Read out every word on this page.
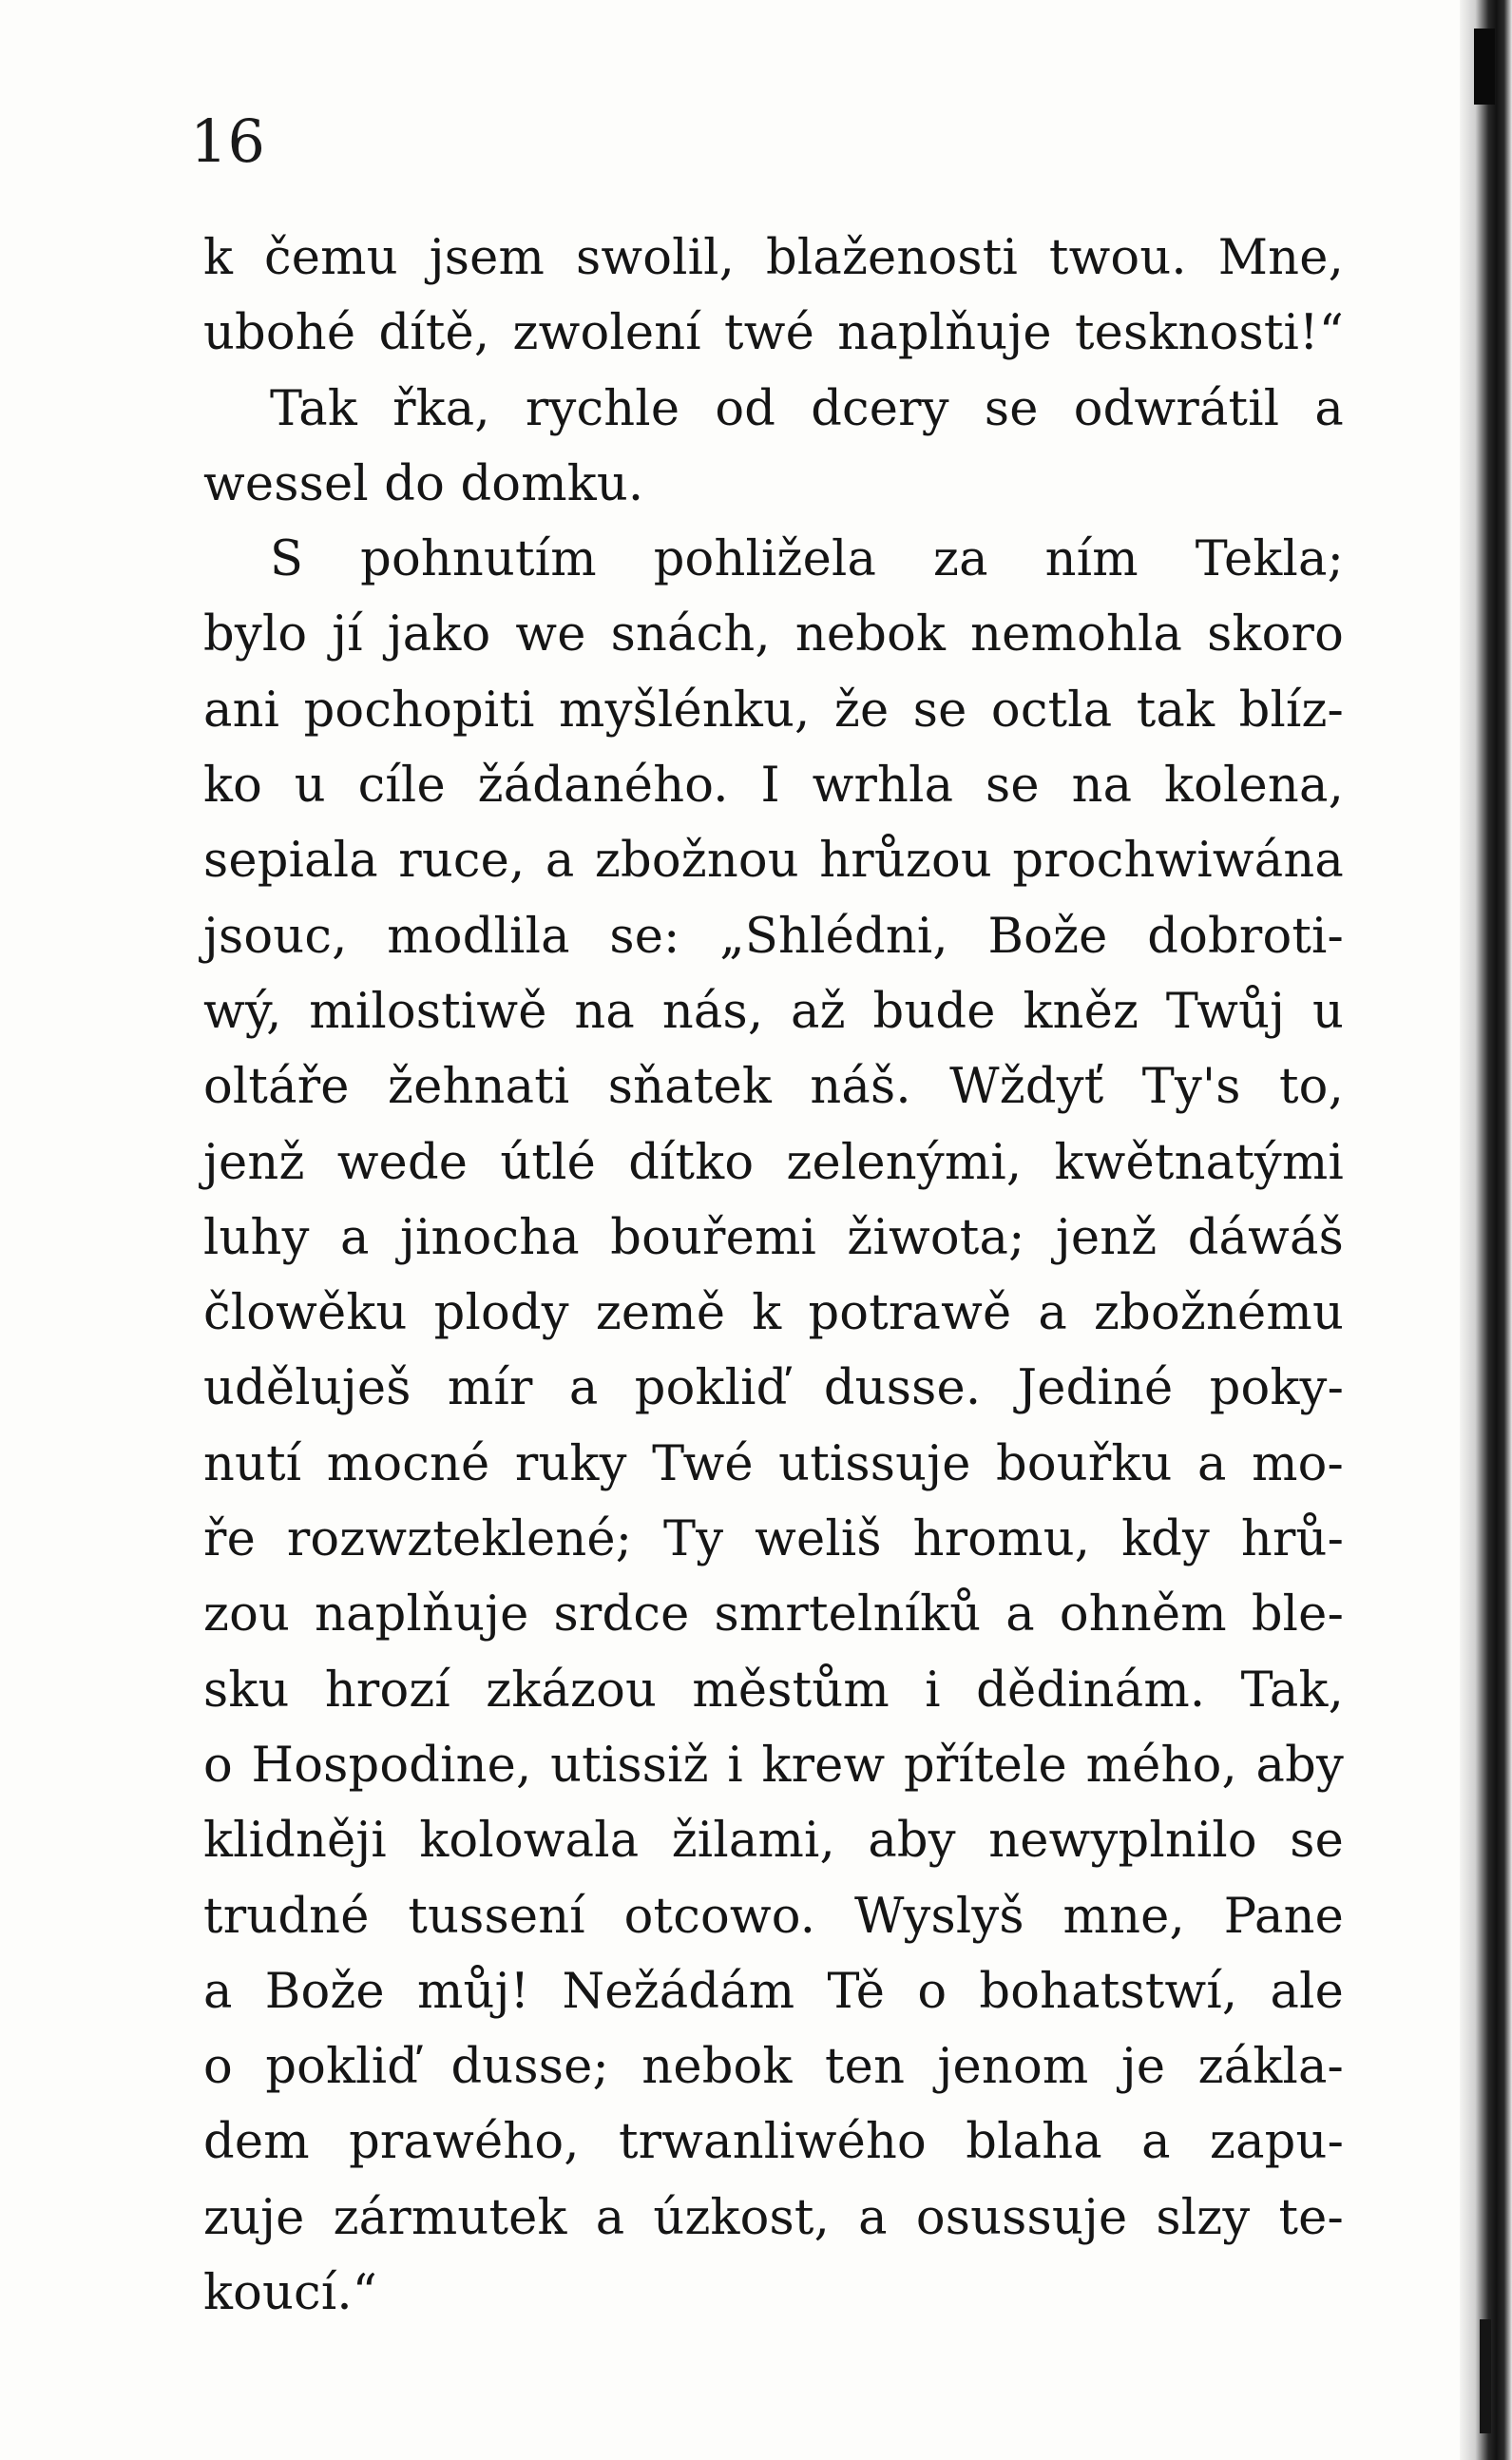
16
k čemu jsem swolil, blaženosti twou. Mne,
ubohé dítě, zwolení twé naplňuje tesknosti!“
Tak řka, rychle od dcery se odwrátil a
wessel do domku.
S pohnutím pohližela za ním Tekla;
bylo jí jako we snách, nebok nemohla skoro
ani pochopiti myšlénku, že se octla tak blíz-
ko u cíle žádaného. I wrhla se na kolena,
sepiala ruce, a zbožnou hrůzou prochwiwána
jsouc, modlila se: „Shlédni, Bože dobroti-
wý, milostiwě na nás, až bude kněz Twůj u
oltáře žehnati sňatek náš. Wždyť Ty's to,
jenž wede útlé dítko zelenými, kwětnatými
luhy a jinocha bouřemi žiwota; jenž dáwáš
člowěku plody země k potrawě a zbožnému
uděluješ mír a pokliď dusse. Jediné poky-
nutí mocné ruky Twé utissuje bouřku a mo-
ře rozwzteklené; Ty weliš hromu, kdy hrů-
zou naplňuje srdce smrtelníků a ohněm ble-
sku hrozí zkázou městům i dědinám. Tak,
o Hospodine, utissiž i krew přítele mého, aby
klidněji kolowala žilami, aby newyplnilo se
trudné tussení otcowo. Wyslyš mne, Pane
a Bože můj! Nežádám Tě o bohatstwí, ale
o pokliď dusse; nebok ten jenom je zákla-
dem prawého, trwanliwého blaha a zapu-
zuje zármutek a úzkost, a osussuje slzy te-
koucí.“
